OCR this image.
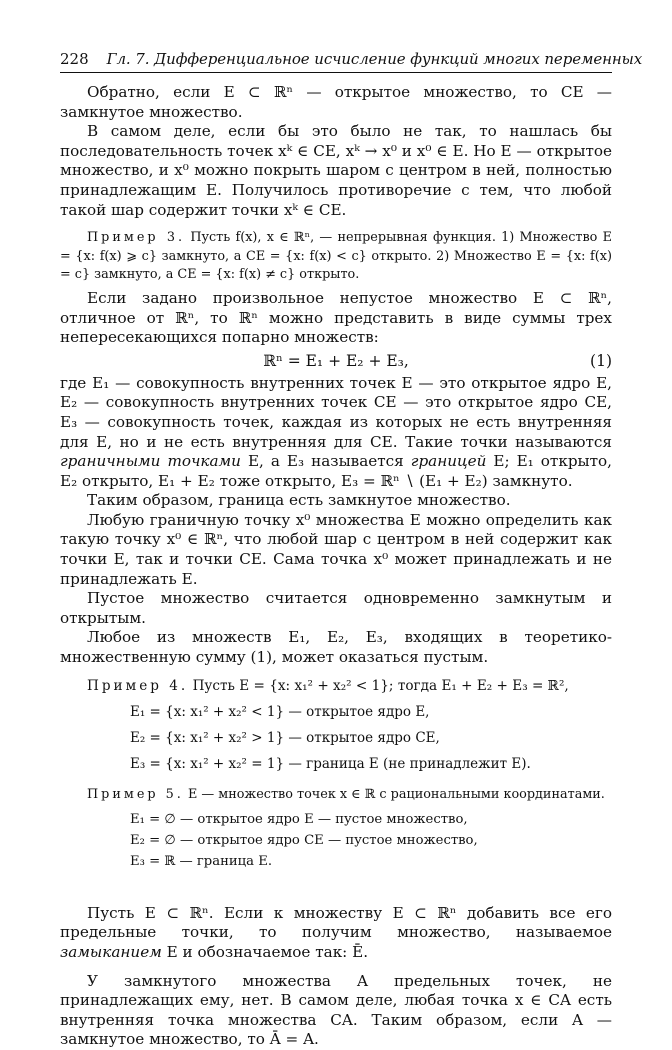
228 Гл. 7. Дифференциальное исчисление функций многих переменных

Обратно, если E ⊂ ℝⁿ — открытое множество, то CE — замкнутое множество.

В самом деле, если бы это было не так, то нашлась бы последовательность точек xᵏ ∈ CE, xᵏ → x⁰ и x⁰ ∈ E. Но E — открытое множество, и x⁰ можно покрыть шаром с центром в ней, полностью принадлежащим E. Получилось противоречие с тем, что любой такой шар содержит точки xᵏ ∈ CE.

Пример 3. Пусть f(x), x ∈ ℝⁿ, — непрерывная функция. 1) Множество E = {x: f(x) ⩾ c} замкнуто, а CE = {x: f(x) < c} открыто. 2) Множество E = {x: f(x) = c} замкнуто, а CE = {x: f(x) ≠ c} открыто.

Если задано произвольное непустое множество E ⊂ ℝⁿ, отличное от ℝⁿ, то ℝⁿ можно представить в виде суммы трех непересекающихся попарно множеств:

ℝⁿ = E₁ + E₂ + E₃,	(1)

где E₁ — совокупность внутренних точек E — это открытое ядро E, E₂ — совокупность внутренних точек CE — это открытое ядро CE, E₃ — совокупность точек, каждая из которых не есть внутренняя для E, но и не есть внутренняя для CE. Такие точки называются граничными точками E, а E₃ называется границей E; E₁ открыто, E₂ открыто, E₁ + E₂ тоже открыто, E₃ = ℝⁿ ∖ (E₁ + E₂) замкнуто.

Таким образом, граница есть замкнутое множество.

Любую граничную точку x⁰ множества E можно определить как такую точку x⁰ ∈ ℝⁿ, что любой шар с центром в ней содержит как точки E, так и точки CE. Сама точка x⁰ может принадлежать и не принадлежать E.

Пустое множество считается одновременно замкнутым и открытым.

Любое из множеств E₁, E₂, E₃, входящих в теоретико-множественную сумму (1), может оказаться пустым.

Пример 4. Пусть E = {x: x₁² + x₂² < 1}; тогда E₁ + E₂ + E₃ = ℝ²,

E₁ = {x: x₁² + x₂² < 1} — открытое ядро E,

E₂ = {x: x₁² + x₂² > 1} — открытое ядро CE,

E₃ = {x: x₁² + x₂² = 1} — граница E (не принадлежит E).

Пример 5. E — множество точек x ∈ ℝ с рациональными координатами.

E₁ = ∅ — открытое ядро E — пустое множество,

E₂ = ∅ — открытое ядро CE — пустое множество,

E₃ = ℝ — граница E.

Пусть E ⊂ ℝⁿ. Если к множеству E ⊂ ℝⁿ добавить все его предельные точки, то получим множество, называемое замыканием E и обозначаемое так: Ē.

У замкнутого множества A предельных точек, не принадлежащих ему, нет. В самом деле, любая точка x ∈ CA есть внутренняя точка множества CA. Таким образом, если A — замкнутое множество, то Ā = A.
